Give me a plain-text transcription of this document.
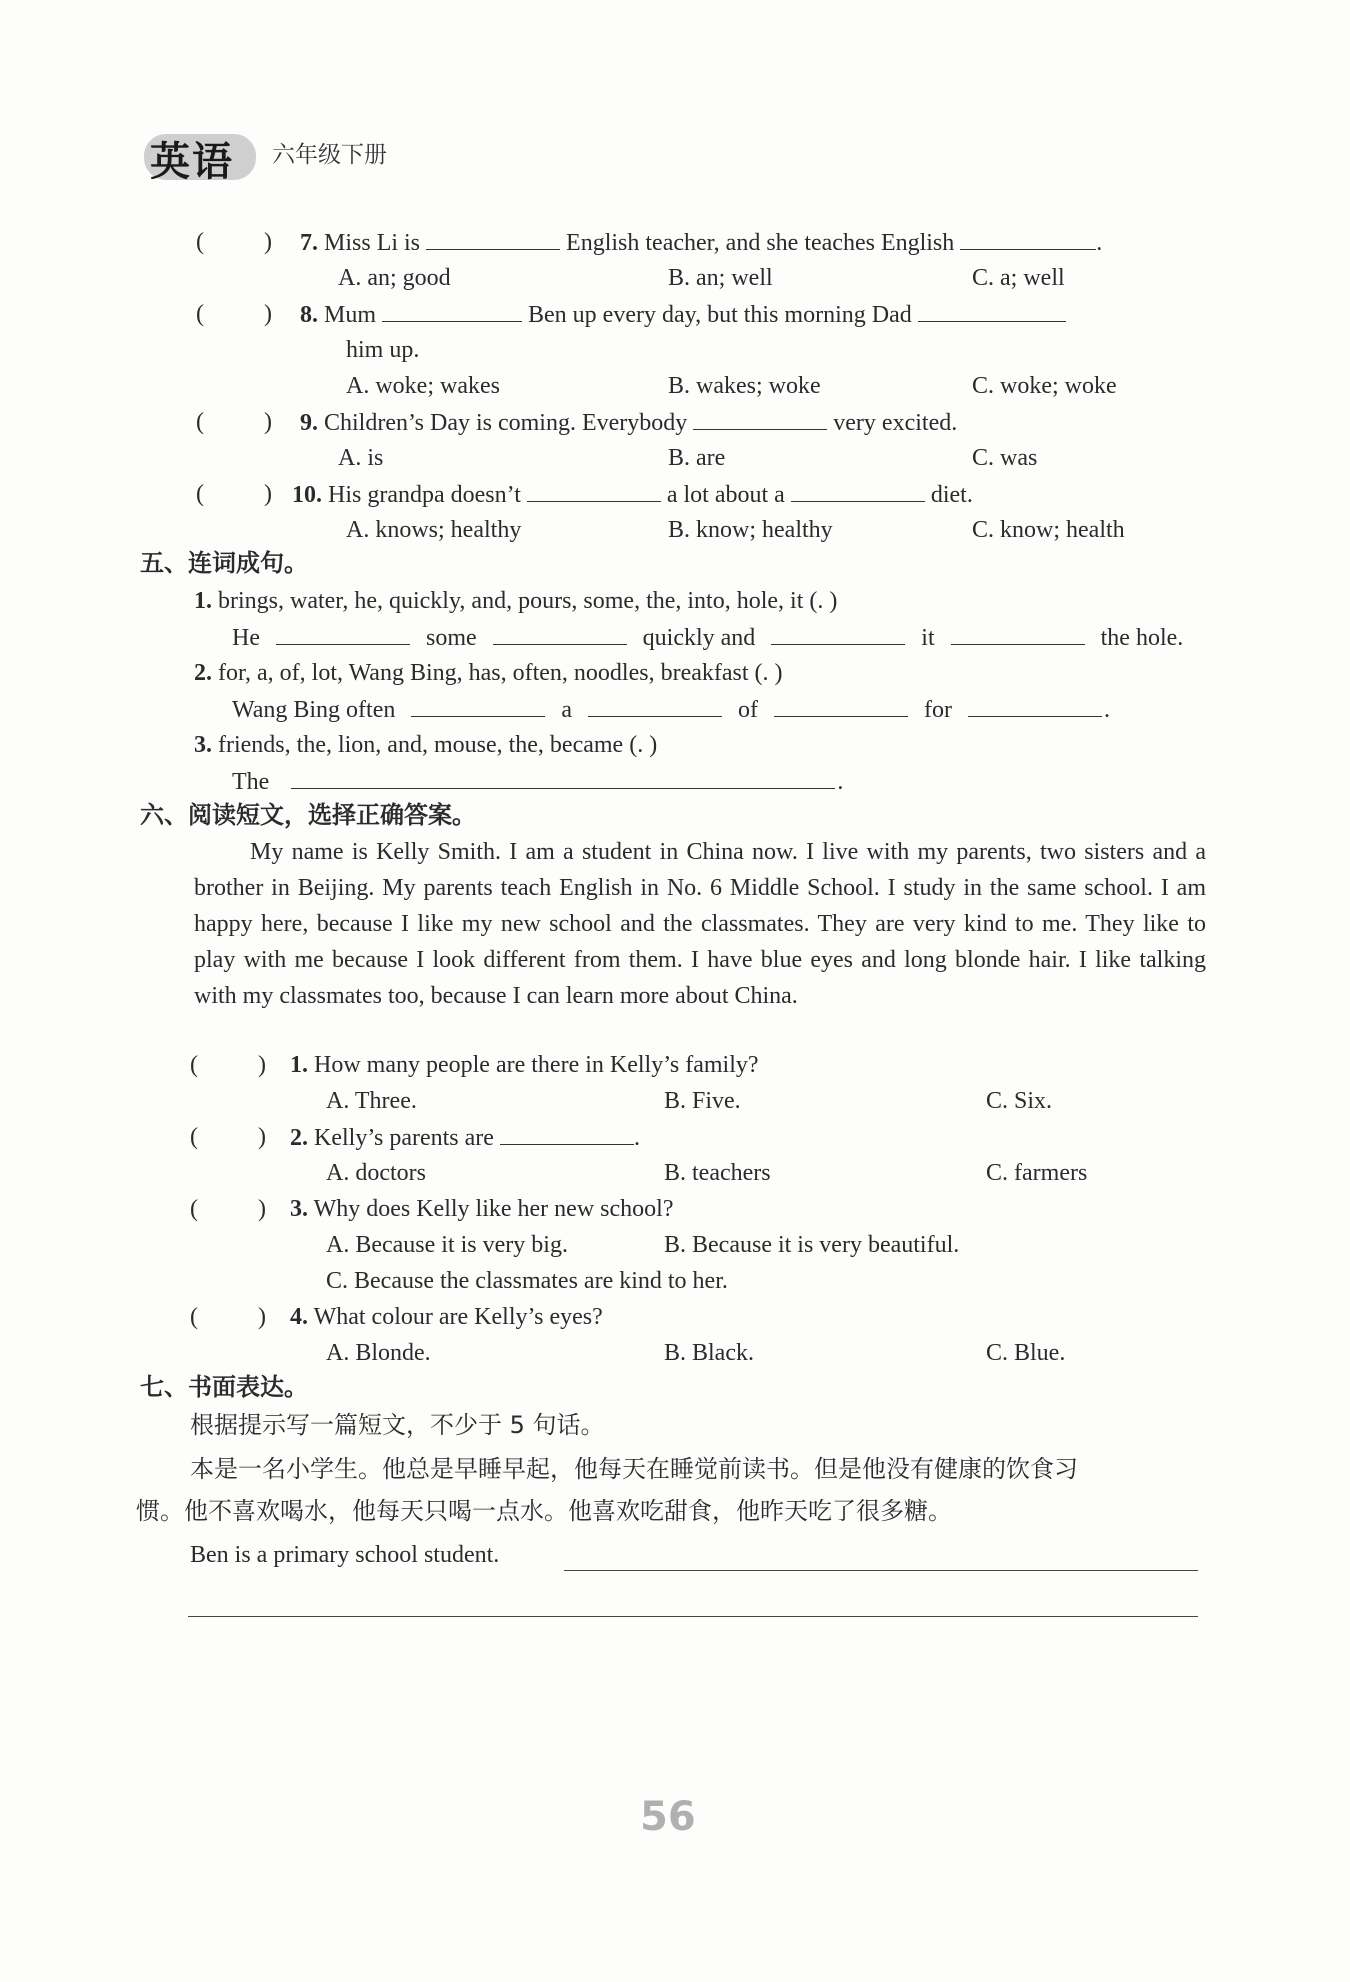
英语 六年级下册
(	) 7. Miss Li is	English teacher, and she teaches English	.
A. an; good	B. an; well	C. a; well
(	) 8. Mum	Ben up every day, but this morning Dad
him up.
A. woke; wakes	B. wakes; woke	C. woke; woke
(	) 9. Children’s Day is coming. Everybody	very excited.
A. is	B. are	C. was
(	) 10. His grandpa doesn’t	a lot about a	diet.
A. knows; healthy	B. know; healthy	C. know; health
五、连词成句。
1. brings, water, he, quickly, and, pours, some, the, into, hole, it (. )
He	some	quickly and	it	the hole.
2. for, a, of, lot, Wang Bing, has, often, noodles, breakfast (. )
Wang Bing often	a	of	for	.
3. friends, the, lion, and, mouse, the, became (. )
The	.
六、阅读短文，选择正确答案。
My name is Kelly Smith. I am a student in China now. I live with my parents, two sisters and a brother in Beijing. My parents teach English in No. 6 Middle School. I study in the same school. I am happy here, because I like my new school and the classmates. They are very kind to me. They like to play with me because I look different from them. I have blue eyes and long blonde hair. I like talking with my classmates too, because I can learn more about China.
(	) 1. How many people are there in Kelly’s family?
A. Three.	B. Five.	C. Six.
(	) 2. Kelly’s parents are	.
A. doctors	B. teachers	C. farmers
(	) 3. Why does Kelly like her new school?
A. Because it is very big.	B. Because it is very beautiful.
C. Because the classmates are kind to her.
(	) 4. What colour are Kelly’s eyes?
A. Blonde.	B. Black.	C. Blue.
七、书面表达。
根据提示写一篇短文，不少于 5 句话。
本是一名小学生。他总是早睡早起，他每天在睡觉前读书。但是他没有健康的饮食习
惯。他不喜欢喝水，他每天只喝一点水。他喜欢吃甜食，他昨天吃了很多糖。
Ben is a primary school student.
56
